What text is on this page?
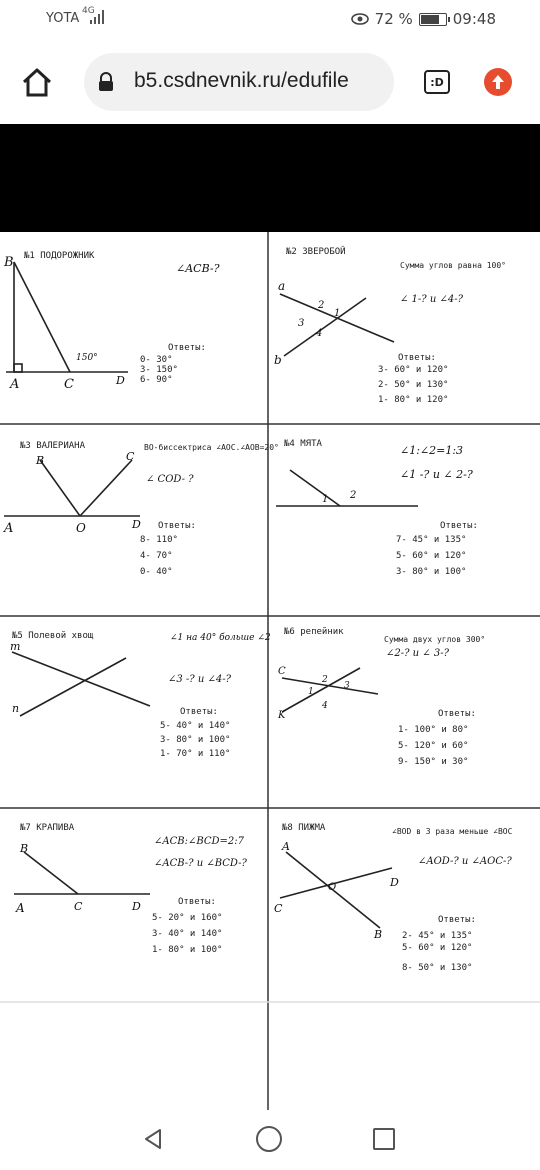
YOTA 4G	72 %	09:48
b5.csdnevnik.ru/edufile	:D
№1 ПОДОРОЖНИК
∠ACB-?
B
A	C	D
150°
Ответы:
0- 30°
3- 150°
6- 90°
№2 ЗВЕРОБОЙ
Сумма углов равна 100°
∠ 1-? и ∠4-?
a
b
1
2
3
4
Ответы:
3- 60° и 120°
2- 50° и 130°
1- 80° и 120°
№3 ВАЛЕРИАНА	ВО-биссектриса ∠AOC.∠AOB=20°
∠ COD- ?
B	C
A	O	D Ответы:
8- 110°
4- 70°
0- 40°
№4 МЯТА	∠1:∠2=1:3
∠1 -? и ∠ 2-?
1 2
Ответы:
7- 45° и 135°
5- 60° и 120°
3- 80° и 100°
№5 Полевой хвощ	∠1 на 40° больше ∠2
∠3 -? и ∠4-?
m
n	Ответы:
5- 40° и 140°
3- 80° и 100°
1- 70° и 110°
№6 репейник
Сумма двух углов 300°
∠2-? и ∠ 3-?
C
K
1
2
3
4
Ответы:
1- 100° и 80°
5- 120° и 60°
9- 150° и 30°
№7 КРАПИВА
∠ACB:∠BCD=2:7
∠ACB-? и ∠BCD-?
B
A	C	D	Ответы:
5- 20° и 160°
3- 40° и 140°
1- 80° и 100°
№8 ПИЖМА	∠BOD в 3 раза меньше ∠BOC
∠AOD-? и ∠AOC-?
A
O	D
C
B
Ответы:
2- 45° и 135°
5- 60° и 120°
8- 50° и 130°
